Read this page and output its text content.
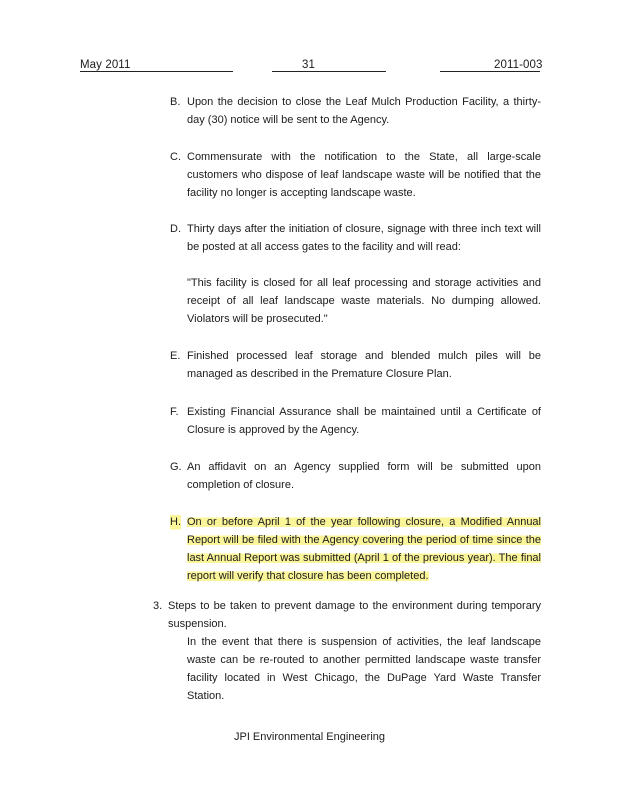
May 2011	31	2011-003
B. Upon the decision to close the Leaf Mulch Production Facility, a thirty-day (30) notice will be sent to the Agency.
C. Commensurate with the notification to the State, all large-scale customers who dispose of leaf landscape waste will be notified that the facility no longer is accepting landscape waste.
D. Thirty days after the initiation of closure, signage with three inch text will be posted at all access gates to the facility and will read:
"This facility is closed for all leaf processing and storage activities and receipt of all leaf landscape waste materials. No dumping allowed. Violators will be prosecuted."
E. Finished processed leaf storage and blended mulch piles will be managed as described in the Premature Closure Plan.
F. Existing Financial Assurance shall be maintained until a Certificate of Closure is approved by the Agency.
G. An affidavit on an Agency supplied form will be submitted upon completion of closure.
H. On or before April 1 of the year following closure, a Modified Annual Report will be filed with the Agency covering the period of time since the last Annual Report was submitted (April 1 of the previous year). The final report will verify that closure has been completed.
3. Steps to be taken to prevent damage to the environment during temporary suspension.
In the event that there is suspension of activities, the leaf landscape waste can be re-routed to another permitted landscape waste transfer facility located in West Chicago, the DuPage Yard Waste Transfer Station.
JPI Environmental Engineering
